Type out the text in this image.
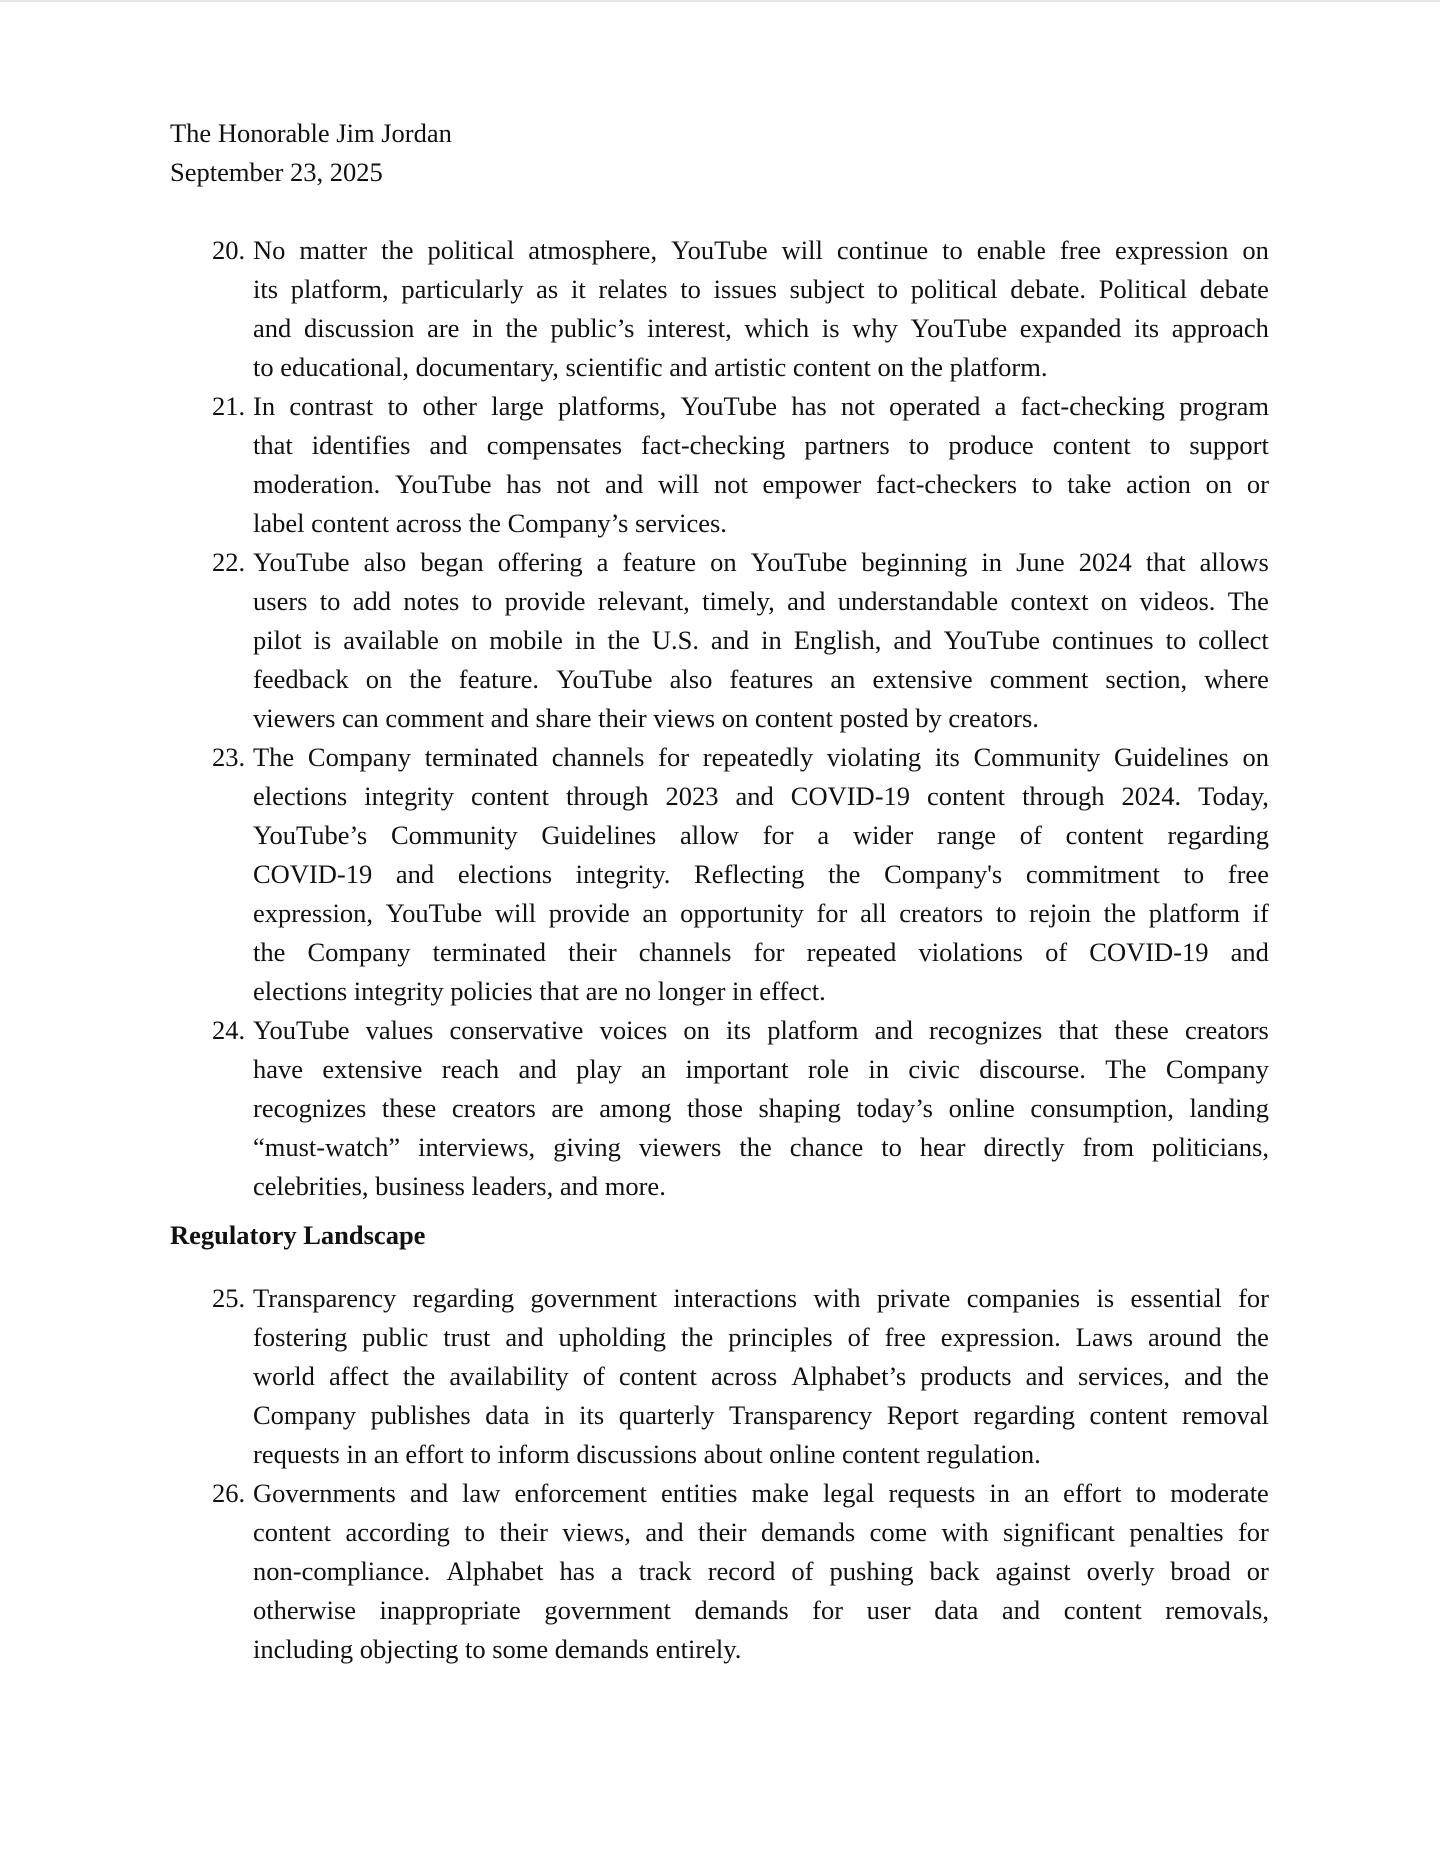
The Honorable Jim Jordan
September 23, 2025
20. No matter the political atmosphere, YouTube will continue to enable free expression on
its platform, particularly as it relates to issues subject to political debate. Political debate
and discussion are in the public’s interest, which is why YouTube expanded its approach
to educational, documentary, scientific and artistic content on the platform.
21. In contrast to other large platforms, YouTube has not operated a fact-checking program
that identifies and compensates fact-checking partners to produce content to support
moderation. YouTube has not and will not empower fact-checkers to take action on or
label content across the Company’s services.
22. YouTube also began offering a feature on YouTube beginning in June 2024 that allows
users to add notes to provide relevant, timely, and understandable context on videos. The
pilot is available on mobile in the U.S. and in English, and YouTube continues to collect
feedback on the feature. YouTube also features an extensive comment section, where
viewers can comment and share their views on content posted by creators.
23. The Company terminated channels for repeatedly violating its Community Guidelines on
elections integrity content through 2023 and COVID-19 content through 2024. Today,
YouTube’s Community Guidelines allow for a wider range of content regarding
COVID-19 and elections integrity. Reflecting the Company's commitment to free
expression, YouTube will provide an opportunity for all creators to rejoin the platform if
the Company terminated their channels for repeated violations of COVID-19 and
elections integrity policies that are no longer in effect.
24. YouTube values conservative voices on its platform and recognizes that these creators
have extensive reach and play an important role in civic discourse. The Company
recognizes these creators are among those shaping today’s online consumption, landing
“must-watch” interviews, giving viewers the chance to hear directly from politicians,
celebrities, business leaders, and more.
Regulatory Landscape
25. Transparency regarding government interactions with private companies is essential for
fostering public trust and upholding the principles of free expression. Laws around the
world affect the availability of content across Alphabet’s products and services, and the
Company publishes data in its quarterly Transparency Report regarding content removal
requests in an effort to inform discussions about online content regulation.
26. Governments and law enforcement entities make legal requests in an effort to moderate
content according to their views, and their demands come with significant penalties for
non-compliance. Alphabet has a track record of pushing back against overly broad or
otherwise inappropriate government demands for user data and content removals,
including objecting to some demands entirely.
